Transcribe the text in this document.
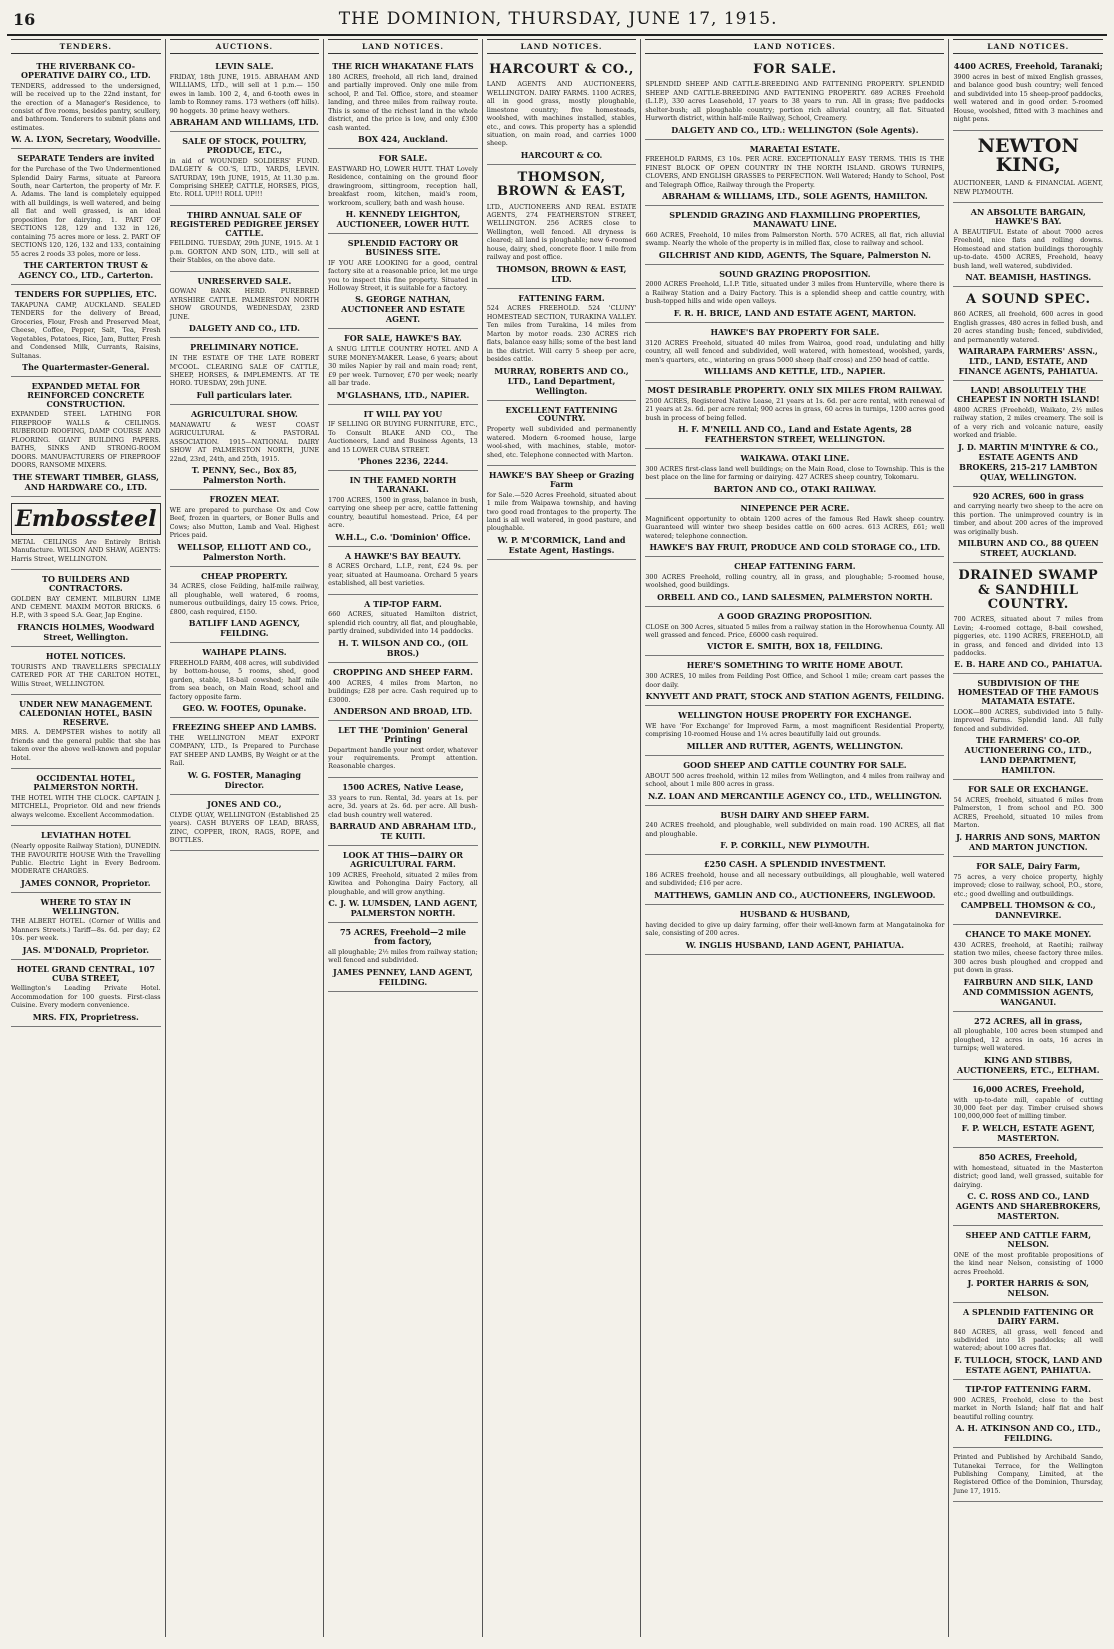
16	THE DOMINION, THURSDAY, JUNE 17, 1915.
TENDERS.
THE RIVERBANK CO-OPERATIVE DAIRY CO., LTD.
TENDERS, addressed to the undersigned, will be received up to the 22nd instant, for the erection of a Manager's Residence, to consist of five rooms, besides pantry, scullery, and bathroom. Tenderers to submit plans and estimates.
W. A. LYON, Secretary, Woodville.
SEPARATE Tenders are invited
for the Purchase of the Two Undermentioned Splendid Dairy Farms, situate at Pareora South, near Carterton, the property of Mr. F. A. Adams. The land is completely equipped with all buildings, is well watered, and being all flat and well grassed, is an ideal proposition for dairying. 1. PART OF SECTIONS 128, 129 and 132 in 126, containing 75 acres more or less. 2. PART OF SECTIONS 120, 126, 132 and 133, containing 55 acres 2 roods 33 poles, more or less.
THE CARTERTON TRUST & AGENCY CO., LTD., Carterton.
TENDERS FOR SUPPLIES, ETC.
TAKAPUNA CAMP, AUCKLAND. SEALED TENDERS for the delivery of Bread, Groceries, Flour, Fresh and Preserved Meat, Cheese, Coffee, Pepper, Salt, Tea, Fresh Vegetables, Potatoes, Rice, Jam, Butter, Fresh and Condensed Milk, Currants, Raisins, Sultanas.
The Quartermaster-General.
EXPANDED METAL FOR REINFORCED CONCRETE CONSTRUCTION.
EXPANDED STEEL LATHING FOR FIREPROOF WALLS & CEILINGS. RUBEROID ROOFING, DAMP COURSE AND FLOORING. GIANT BUILDING PAPERS. BATHS, SINKS AND STRONG-ROOM DOORS. MANUFACTURERS OF FIREPROOF DOORS, RANSOME MIXERS.
THE STEWART TIMBER, GLASS, AND HARDWARE CO., LTD.
Embossteel
METAL CEILINGS Are Entirely British Manufacture. WILSON AND SHAW, AGENTS: Harris Street, WELLINGTON.
TO BUILDERS AND CONTRACTORS.
GOLDEN BAY CEMENT. MILBURN LIME AND CEMENT. MAXIM MOTOR BRICKS. 6 H.P., with 3 speed S.A. Gear, Jap Engine.
FRANCIS HOLMES, Woodward Street, Wellington.
HOTEL NOTICES.
TOURISTS AND TRAVELLERS SPECIALLY CATERED FOR AT THE CARLTON HOTEL, Willis Street, WELLINGTON.
UNDER NEW MANAGEMENT. CALEDONIAN HOTEL, BASIN RESERVE.
MRS. A. DEMPSTER wishes to notify all friends and the general public that she has taken over the above well-known and popular Hotel.
OCCIDENTAL HOTEL, PALMERSTON NORTH.
THE HOTEL WITH THE CLOCK. CAPTAIN J. MITCHELL, Proprietor. Old and new friends always welcome. Excellent Accommodation.
LEVIATHAN HOTEL
(Nearly opposite Railway Station), DUNEDIN. THE FAVOURITE HOUSE With the Travelling Public. Electric Light in Every Bedroom. MODERATE CHARGES.
JAMES CONNOR, Proprietor.
WHERE TO STAY IN WELLINGTON.
THE ALBERT HOTEL. (Corner of Willis and Manners Streets.) Tariff—8s. 6d. per day; £2 10s. per week.
JAS. M'DONALD, Proprietor.
HOTEL GRAND CENTRAL, 107 CUBA STREET,
Wellington's Leading Private Hotel. Accommodation for 100 guests. First-class Cuisine. Every modern convenience.
MRS. FIX, Proprietress.
AUCTIONS.
LEVIN SALE.
FRIDAY, 18th JUNE, 1915. ABRAHAM AND WILLIAMS, LTD., will sell at 1 p.m.— 150 ewes in lamb. 100 2, 4, and 6-tooth ewes in lamb to Romney rams. 173 wethers (off hills). 90 hoggets. 30 prime heavy wethers.
ABRAHAM AND WILLIAMS, LTD.
SALE OF STOCK, POULTRY, PRODUCE, ETC.,
in aid of WOUNDED SOLDIERS' FUND. DALGETY & CO.'S, LTD., YARDS, LEVIN. SATURDAY, 19th JUNE, 1915, At 11.30 p.m. Comprising SHEEP, CATTLE, HORSES, PIGS, Etc. ROLL UP!!! ROLL UP!!!
THIRD ANNUAL SALE OF REGISTERED PEDIGREE JERSEY CATTLE.
FEILDING. TUESDAY, 29th JUNE, 1915. At 1 p.m. GORTON AND SON, LTD., will sell at their Stables, on the above date.
UNRESERVED SALE.
GOWAN BANK HERD. PUREBRED AYRSHIRE CATTLE. PALMERSTON NORTH SHOW GROUNDS, WEDNESDAY, 23RD JUNE.
DALGETY AND CO., LTD.
PRELIMINARY NOTICE.
IN THE ESTATE OF THE LATE ROBERT M'COOL. CLEARING SALE OF CATTLE, SHEEP, HORSES, & IMPLEMENTS. AT TE HORO. TUESDAY, 29th JUNE.
Full particulars later.
AGRICULTURAL SHOW.
MANAWATU & WEST COAST AGRICULTURAL & PASTORAL ASSOCIATION. 1915—NATIONAL DAIRY SHOW AT PALMERSTON NORTH, JUNE 22nd, 23rd, 24th, and 25th, 1915.
T. PENNY, Sec., Box 85, Palmerston North.
FROZEN MEAT.
WE are prepared to purchase Ox and Cow Beef, frozen in quarters, or Boner Bulls and Cows; also Mutton, Lamb and Veal. Highest Prices paid.
WELLSOP, ELLIOTT AND CO., Palmerston North.
CHEAP PROPERTY.
34 ACRES, close Feilding, half-mile railway, all ploughable, well watered, 6 rooms, numerous outbuildings, dairy 15 cows. Price, £800, cash required, £150.
BATLIFF LAND AGENCY, FEILDING.
WAIHAPE PLAINS.
FREEHOLD FARM, 408 acres, will subdivided by bottom-house, 5 rooms, shed, good garden, stable, 18-bail cowshed; half mile from sea beach, on Main Road, school and factory opposite farm.
GEO. W. FOOTES, Opunake.
FREEZING SHEEP AND LAMBS.
THE WELLINGTON MEAT EXPORT COMPANY, LTD., Is Prepared to Purchase FAT SHEEP AND LAMBS, By Weight or at the Rail.
W. G. FOSTER, Managing Director.
JONES AND CO.,
CLYDE QUAY, WELLINGTON (Established 25 years). CASH BUYERS OF LEAD, BRASS, ZINC, COPPER, IRON, RAGS, ROPE, and BOTTLES.
LAND NOTICES.
THE RICH WHAKATANE FLATS
180 ACRES, freehold, all rich land, drained and partially improved. Only one mile from school, P. and Tel. Office, store, and steamer landing, and three miles from railway route. This is some of the richest land in the whole district, and the price is low, and only £300 cash wanted.
BOX 424, Auckland.
FOR SALE.
EASTWARD HO, LOWER HUTT. THAT Lovely Residence, containing on the ground floor drawingroom, sittingroom, reception hall, breakfast room, kitchen, maid's room, workroom, scullery, bath and wash house.
H. KENNEDY LEIGHTON, AUCTIONEER, LOWER HUTT.
SPLENDID FACTORY OR BUSINESS SITE.
IF YOU ARE LOOKING for a good, central factory site at a reasonable price, let me urge you to inspect this fine property. Situated in Holloway Street, it is suitable for a factory.
S. GEORGE NATHAN, AUCTIONEER AND ESTATE AGENT.
FOR SALE, HAWKE'S BAY.
A SNUG LITTLE COUNTRY HOTEL AND A SURE MONEY-MAKER. Lease, 6 years; about 30 miles Napier by rail and main road; rent, £9 per week. Turnover, £70 per week; nearly all bar trade.
M'GLASHANS, LTD., NAPIER.
IT WILL PAY YOU
IF SELLING OR BUYING FURNITURE, ETC., To Consult BLAKE AND CO., The Auctioneers, Land and Business Agents, 13 and 15 LOWER CUBA STREET.
'Phones 2236, 2244.
IN THE FAMED NORTH TARANAKI.
1700 ACRES, 1500 in grass, balance in bush, carrying one sheep per acre, cattle fattening country, beautiful homestead. Price, £4 per acre.
W.H.L., C.o. 'Dominion' Office.
A HAWKE'S BAY BEAUTY.
8 ACRES Orchard, L.I.P., rent, £24 9s. per year, situated at Haumoana. Orchard 5 years established, all best varieties.
A TIP-TOP FARM.
660 ACRES, situated Hamilton district, splendid rich country, all flat, and ploughable, partly drained, subdivided into 14 paddocks.
H. T. WILSON AND CO., (OIL BROS.)
CROPPING AND SHEEP FARM.
400 ACRES, 4 miles from Marton, no buildings; £28 per acre. Cash required up to £3000.
ANDERSON AND BROAD, LTD.
LET THE 'Dominion' General Printing
Department handle your next order, whatever your requirements. Prompt attention. Reasonable charges.
1500 ACRES, Native Lease,
33 years to run. Rental, 3d. years at 1s. per acre, 3d. years at 2s. 6d. per acre. All bush-clad bush country well watered.
BARRAUD AND ABRAHAM LTD., TE KUITI.
LOOK AT THIS—DAIRY OR AGRICULTURAL FARM.
109 ACRES, Freehold, situated 2 miles from Kiwitea and Pohongina Dairy Factory, all ploughable, and will grow anything.
C. J. W. LUMSDEN, LAND AGENT, PALMERSTON NORTH.
75 ACRES, Freehold—2 mile from factory,
all ploughable; 2½ miles from railway station; well fenced and subdivided.
JAMES PENNEY, LAND AGENT, FEILDING.
LAND NOTICES.
HARCOURT & CO.,
LAND AGENTS AND AUCTIONEERS, WELLINGTON. DAIRY FARMS. 1100 ACRES, all in good grass, mostly ploughable, limestone country; five homesteads, woolshed, with machines installed, stables, etc., and cows. This property has a splendid situation, on main road, and carries 1000 sheep.
HARCOURT & CO.
THOMSON, BROWN & EAST,
LTD., AUCTIONEERS AND REAL ESTATE AGENTS, 274 FEATHERSTON STREET, WELLINGTON. 256 ACRES close to Wellington, well fenced. All dryness is cleared; all land is ploughable; new 6-roomed house, dairy, shed, concrete floor. 1 mile from railway and post office.
THOMSON, BROWN & EAST, LTD.
FATTENING FARM.
524 ACRES FREEHOLD. 524 'CLUNY' HOMESTEAD SECTION, TURAKINA VALLEY. Ten miles from Turakina, 14 miles from Marton by motor roads. 230 ACRES rich flats, balance easy hills; some of the best land in the district. Will carry 5 sheep per acre, besides cattle.
MURRAY, ROBERTS AND CO., LTD., Land Department, Wellington.
EXCELLENT FATTENING COUNTRY.
Property well subdivided and permanently watered. Modern 6-roomed house, large wool-shed, with machines, stable, motor-shed, etc. Telephone connected with Marton.
HAWKE'S BAY Sheep or Grazing Farm
for Sale.—520 Acres Freehold, situated about 1 mile from Waipawa township, and having two good road frontages to the property. The land is all well watered, in good pasture, and ploughable.
W. P. M'CORMICK, Land and Estate Agent, Hastings.
LAND NOTICES.
FOR SALE.
SPLENDID SHEEP AND CATTLE-BREEDING AND FATTENING PROPERTY. SPLENDID SHEEP AND CATTLE-BREEDING AND FATTENING PROPERTY. 689 ACRES Freehold (L.I.P.), 330 acres Leasehold, 17 years to 38 years to run. All in grass; five paddocks shelter-bush; all ploughable country; portion rich alluvial country, all flat. Situated Hurworth district, within half-mile Railway, School, Creamery.
DALGETY AND CO., LTD.: WELLINGTON (Sole Agents).
MARAETAI ESTATE.
FREEHOLD FARMS, £3 10s. PER ACRE. EXCEPTIONALLY EASY TERMS. THIS IS THE FINEST BLOCK OF OPEN COUNTRY IN THE NORTH ISLAND. GROWS TURNIPS, CLOVERS, AND ENGLISH GRASSES to PERFECTION. Well Watered; Handy to School, Post and Telegraph Office, Railway through the Property.
ABRAHAM & WILLIAMS, LTD., SOLE AGENTS, HAMILTON.
SPLENDID GRAZING AND FLAXMILLING PROPERTIES, MANAWATU LINE.
660 ACRES, Freehold, 10 miles from Palmerston North. 570 ACRES, all flat, rich alluvial swamp. Nearly the whole of the property is in milled flax, close to railway and school.
GILCHRIST AND KIDD, AGENTS, The Square, Palmerston N.
SOUND GRAZING PROPOSITION.
2000 ACRES Freehold, L.I.P. Title, situated under 3 miles from Hunterville, where there is a Railway Station and a Dairy Factory. This is a splendid sheep and cattle country, with bush-topped hills and wide open valleys.
F. R. H. BRICE, LAND AND ESTATE AGENT, MARTON.
HAWKE'S BAY PROPERTY FOR SALE.
3120 ACRES Freehold, situated 40 miles from Wairoa, good road, undulating and hilly country, all well fenced and subdivided, well watered, with homestead, woolshed, yards, men's quarters, etc., wintering on grass 5000 sheep (half cross) and 250 head of cattle.
WILLIAMS AND KETTLE, LTD., NAPIER.
MOST DESIRABLE PROPERTY. ONLY SIX MILES FROM RAILWAY.
2500 ACRES, Registered Native Lease, 21 years at 1s. 6d. per acre rental, with renewal of 21 years at 2s. 6d. per acre rental; 900 acres in grass, 60 acres in turnips, 1200 acres good bush in process of being felled.
H. F. M'NEILL AND CO., Land and Estate Agents, 28 FEATHERSTON STREET, WELLINGTON.
WAIKAWA. OTAKI LINE.
300 ACRES first-class land well buildings; on the Main Road, close to Township. This is the best place on the line for farming or dairying. 427 ACRES sheep country, Tokomaru.
BARTON AND CO., OTAKI RAILWAY.
NINEPENCE PER ACRE.
Magnificent opportunity to obtain 1200 acres of the famous Red Hawk sheep country. Guaranteed will winter two sheep besides cattle on 600 acres. 613 ACRES, £61; well watered; telephone connection.
HAWKE'S BAY FRUIT, PRODUCE AND COLD STORAGE CO., LTD.
CHEAP FATTENING FARM.
300 ACRES Freehold, rolling country, all in grass, and ploughable; 5-roomed house, woolshed, good buildings.
ORBELL AND CO., LAND SALESMEN, PALMERSTON NORTH.
A GOOD GRAZING PROPOSITION.
CLOSE on 300 Acres, situated 5 miles from a railway station in the Horowhenua County. All well grassed and fenced. Price, £6000 cash required.
VICTOR E. SMITH, BOX 18, FEILDING.
HERE'S SOMETHING TO WRITE HOME ABOUT.
300 ACRES, 10 miles from Feilding Post Office, and School 1 mile; cream cart passes the door daily.
KNYVETT AND PRATT, STOCK AND STATION AGENTS, FEILDING.
WELLINGTON HOUSE PROPERTY FOR EXCHANGE.
WE have 'For Exchange' for Improved Farm, a most magnificent Residential Property, comprising 10-roomed House and 1¼ acres beautifully laid out grounds.
MILLER AND RUTTER, AGENTS, WELLINGTON.
GOOD SHEEP AND CATTLE COUNTRY FOR SALE.
ABOUT 500 acres freehold, within 12 miles from Wellington, and 4 miles from railway and school, about 1 mile 800 acres in grass.
N.Z. LOAN AND MERCANTILE AGENCY CO., LTD., WELLINGTON.
BUSH DAIRY AND SHEEP FARM.
240 ACRES freehold, and ploughable, well subdivided on main road. 190 ACRES, all flat and ploughable.
F. P. CORKILL, NEW PLYMOUTH.
£250 CASH. A SPLENDID INVESTMENT.
186 ACRES freehold, house and all necessary outbuildings, all ploughable, well watered and subdivided; £16 per acre.
MATTHEWS, GAMLIN AND CO., AUCTIONEERS, INGLEWOOD.
HUSBAND & HUSBAND,
having decided to give up dairy farming, offer their well-known farm at Mangatainoka for sale, consisting of 200 acres.
W. INGLIS HUSBAND, LAND AGENT, PAHIATUA.
LAND NOTICES.
4400 ACRES, Freehold, Taranaki;
3900 acres in best of mixed English grasses, and balance good bush country; well fenced and subdivided into 15 sheep-proof paddocks, well watered and in good order. 5-roomed House, woolshed, fitted with 3 machines and night pens.
NEWTON KING,
AUCTIONEER, LAND & FINANCIAL AGENT, NEW PLYMOUTH.
AN ABSOLUTE BARGAIN, HAWKE'S BAY.
A BEAUTIFUL Estate of about 7000 acres Freehold, nice flats and rolling downs. Homestead and station buildings thoroughly up-to-date. 4500 ACRES, Freehold, heavy bush land, well watered, subdivided.
NAT. BEAMISH, HASTINGS.
A SOUND SPEC.
860 ACRES, all freehold, 600 acres in good English grasses, 480 acres in felled bush, and 20 acres standing bush; fenced, subdivided, and permanently watered.
WAIRARAPA FARMERS' ASSN., LTD., LAND, ESTATE, AND FINANCE AGENTS, PAHIATUA.
LAND! ABSOLUTELY THE CHEAPEST IN NORTH ISLAND!
4800 ACRES (Freehold), Waikato, 2½ miles railway station, 2 miles creamery. The soil is of a very rich and volcanic nature, easily worked and friable.
J. D. MARTIN M'INTYRE & CO., ESTATE AGENTS AND BROKERS, 215-217 LAMBTON QUAY, WELLINGTON.
920 ACRES, 600 in grass
and carrying nearly two sheep to the acre on this portion. The unimproved country is in timber, and about 200 acres of the improved was originally bush.
MILBURN AND CO., 88 QUEEN STREET, AUCKLAND.
DRAINED SWAMP & SANDHILL COUNTRY.
700 ACRES, situated about 7 miles from Levin; 4-roomed cottage, 8-bail cowshed, piggeries, etc. 1190 ACRES, FREEHOLD, all in grass, and fenced and divided into 13 paddocks.
E. B. HARE AND CO., PAHIATUA.
SUBDIVISION OF THE HOMESTEAD OF THE FAMOUS MATAMATA ESTATE.
LOOK—800 ACRES, subdivided into 5 fully-improved Farms. Splendid land. All fully fenced and subdivided.
THE FARMERS' CO-OP. AUCTIONEERING CO., LTD., LAND DEPARTMENT, HAMILTON.
FOR SALE OR EXCHANGE.
54 ACRES, freehold, situated 6 miles from Palmerston, 1 from school and P.O. 300 ACRES, Freehold, situated 10 miles from Marton.
J. HARRIS AND SONS, MARTON AND MARTON JUNCTION.
FOR SALE, Dairy Farm,
75 acres, a very choice property, highly improved; close to railway, school, P.O., store, etc.; good dwelling and outbuildings.
CAMPBELL THOMSON & CO., DANNEVIRKE.
CHANCE TO MAKE MONEY.
430 ACRES, freehold, at Raetihi; railway station two miles, cheese factory three miles. 300 acres bush ploughed and cropped and put down in grass.
FAIRBURN AND SILK, LAND AND COMMISSION AGENTS, WANGANUI.
272 ACRES, all in grass,
all ploughable, 100 acres been stumped and ploughed, 12 acres in oats, 16 acres in turnips; well watered.
KING AND STIBBS, AUCTIONEERS, ETC., ELTHAM.
16,000 ACRES, Freehold,
with up-to-date mill, capable of cutting 30,000 feet per day. Timber cruised shows 100,000,000 feet of milling timber.
F. P. WELCH, ESTATE AGENT, MASTERTON.
850 ACRES, Freehold,
with homestead, situated in the Masterton district; good land, well grassed, suitable for dairying.
C. C. ROSS AND CO., LAND AGENTS AND SHAREBROKERS, MASTERTON.
SHEEP AND CATTLE FARM, NELSON.
ONE of the most profitable propositions of the kind near Nelson, consisting of 1000 acres Freehold.
J. PORTER HARRIS & SON, NELSON.
A SPLENDID FATTENING OR DAIRY FARM.
840 ACRES, all grass, well fenced and subdivided into 18 paddocks; all well watered; about 100 acres flat.
F. TULLOCH, STOCK, LAND AND ESTATE AGENT, PAHIATUA.
TIP-TOP FATTENING FARM.
900 ACRES, Freehold, close to the best market in North Island; half flat and half beautiful rolling country.
A. H. ATKINSON AND CO., LTD., FEILDING.
Printed and Published by Archibald Sando, Tutanekai Terrace, for the Wellington Publishing Company, Limited, at the Registered Office of the Dominion, Thursday, June 17, 1915.
